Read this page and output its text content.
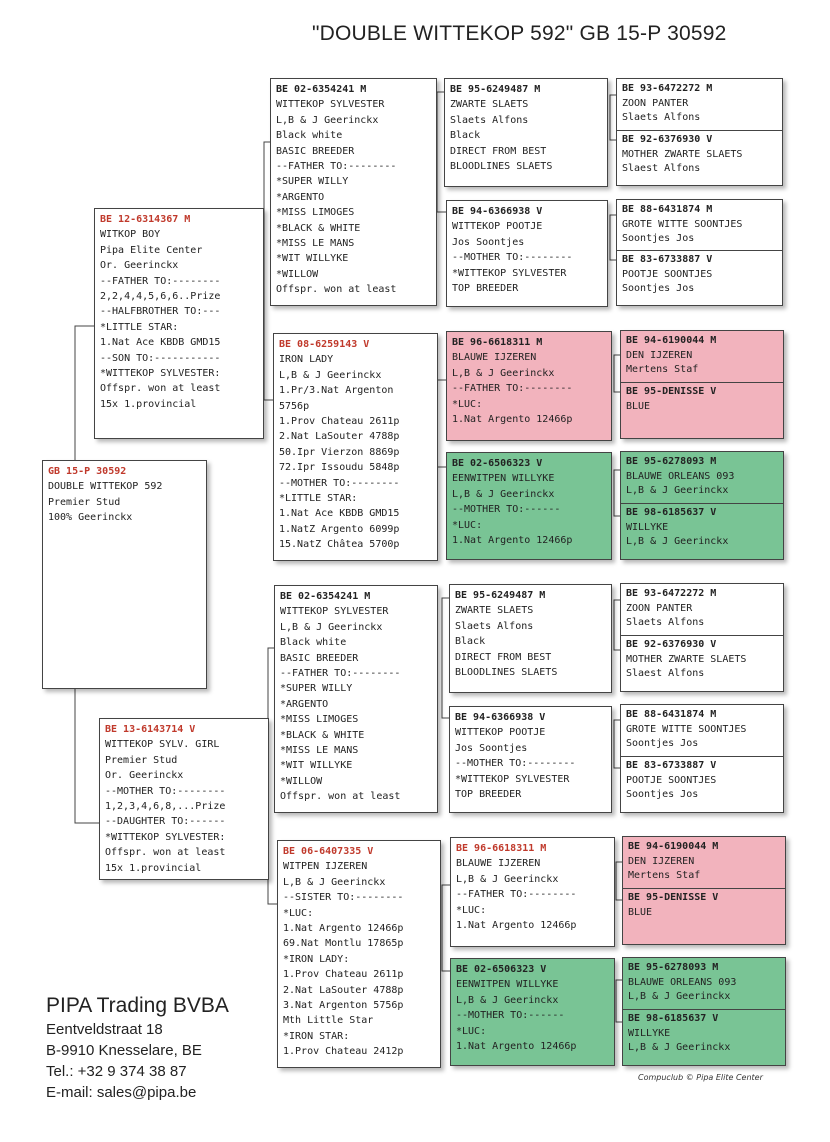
"DOUBLE WITTEKOP 592" GB 15-P 30592
GB 15-P 30592
DOUBLE WITTEKOP 592
Premier Stud
100% Geerinckx
BE 12-6314367 M
WITKOP BOY
Pipa Elite Center
Or. Geerinckx
--FATHER TO:--------
2,2,4,4,5,6,6..Prize
--HALFBROTHER TO:---
*LITTLE STAR:
1.Nat Ace KBDB GMD15
--SON TO:-----------
*WITTEKOP SYLVESTER:
Offspr. won at least
15x 1.provincial
BE 13-6143714 V
WITTEKOP SYLV. GIRL
Premier Stud
Or. Geerinckx
--MOTHER TO:--------
1,2,3,4,6,8,...Prize
--DAUGHTER TO:------
*WITTEKOP SYLVESTER:
Offspr. won at least
15x 1.provincial
BE 02-6354241 M
WITTEKOP SYLVESTER
L,B & J Geerinckx
Black white
BASIC BREEDER
--FATHER TO:--------
*SUPER WILLY
*ARGENTO
*MISS LIMOGES
*BLACK & WHITE
*MISS LE MANS
*WIT WILLYKE
*WILLOW
Offspr. won at least
BE 08-6259143 V
IRON LADY
L,B & J Geerinckx
1.Pr/3.Nat Argenton
5756p
1.Prov Chateau 2611p
2.Nat LaSouter 4788p
50.Ipr Vierzon 8869p
72.Ipr Issoudu 5848p
--MOTHER TO:--------
*LITTLE STAR:
1.Nat Ace KBDB GMD15
1.NatZ Argento 6099p
15.NatZ Châtea 5700p
BE 02-6354241 M
WITTEKOP SYLVESTER
L,B & J Geerinckx
Black white
BASIC BREEDER
--FATHER TO:--------
*SUPER WILLY
*ARGENTO
*MISS LIMOGES
*BLACK & WHITE
*MISS LE MANS
*WIT WILLYKE
*WILLOW
Offspr. won at least
BE 06-6407335 V
WITPEN IJZEREN
L,B & J Geerinckx
--SISTER TO:--------
*LUC:
1.Nat Argento 12466p
69.Nat Montlu 17865p
*IRON LADY:
1.Prov Chateau 2611p
2.Nat LaSouter 4788p
3.Nat Argenton 5756p
Mth Little Star
*IRON STAR:
1.Prov Chateau 2412p
BE 95-6249487 M
ZWARTE SLAETS
Slaets Alfons
Black
DIRECT FROM BEST
BLOODLINES SLAETS
BE 94-6366938 V
WITTEKOP POOTJE
Jos Soontjes
--MOTHER TO:--------
*WITTEKOP SYLVESTER
TOP BREEDER
BE 96-6618311 M
BLAUWE IJZEREN
L,B & J Geerinckx
--FATHER TO:--------
*LUC:
1.Nat Argento 12466p
BE 02-6506323 V
EENWITPEN WILLYKE
L,B & J Geerinckx
--MOTHER TO:------
*LUC:
1.Nat Argento 12466p
BE 95-6249487 M
ZWARTE SLAETS
Slaets Alfons
Black
DIRECT FROM BEST
BLOODLINES SLAETS
BE 94-6366938 V
WITTEKOP POOTJE
Jos Soontjes
--MOTHER TO:--------
*WITTEKOP SYLVESTER
TOP BREEDER
BE 96-6618311 M
BLAUWE IJZEREN
L,B & J Geerinckx
--FATHER TO:--------
*LUC:
1.Nat Argento 12466p
BE 02-6506323 V
EENWITPEN WILLYKE
L,B & J Geerinckx
--MOTHER TO:------
*LUC:
1.Nat Argento 12466p
BE 93-6472272 M
ZOON PANTER
Slaets Alfons
BE 92-6376930 V
MOTHER ZWARTE SLAETS
Slaest Alfons
BE 88-6431874 M
GROTE WITTE SOONTJES
Soontjes Jos
BE 83-6733887 V
POOTJE SOONTJES
Soontjes Jos
BE 94-6190044 M
DEN IJZEREN
Mertens Staf
BE 95-DENISSE V
BLUE
BE 95-6278093 M
BLAUWE ORLEANS 093
L,B & J Geerinckx
BE 98-6185637 V
WILLYKE
L,B & J Geerinckx
BE 93-6472272 M
ZOON PANTER
Slaets Alfons
BE 92-6376930 V
MOTHER ZWARTE SLAETS
Slaest Alfons
BE 88-6431874 M
GROTE WITTE SOONTJES
Soontjes Jos
BE 83-6733887 V
POOTJE SOONTJES
Soontjes Jos
BE 94-6190044 M
DEN IJZEREN
Mertens Staf
BE 95-DENISSE V
BLUE
BE 95-6278093 M
BLAUWE ORLEANS 093
L,B & J Geerinckx
BE 98-6185637 V
WILLYKE
L,B & J Geerinckx
PIPA Trading BVBA
Eentveldstraat 18
B-9910 Knesselare, BE
Tel.: +32 9 374 38 87
E-mail: sales@pipa.be
Compuclub © Pipa Elite Center
